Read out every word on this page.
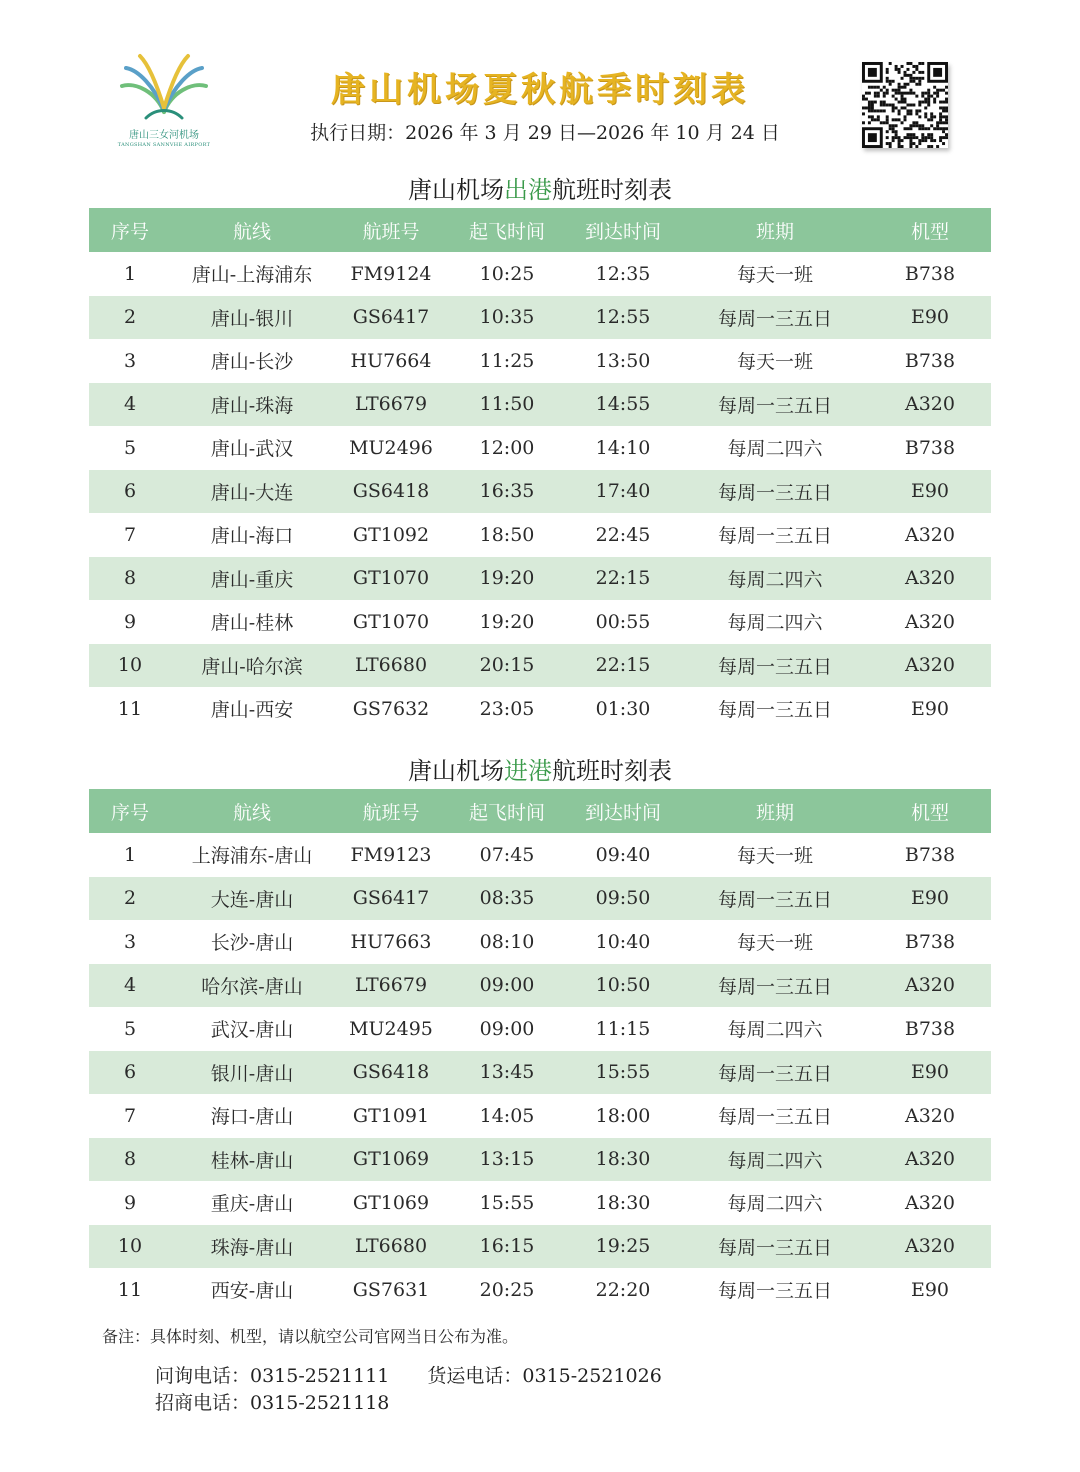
唐山三女河机场
TANGSHAN SANNVHE AIRPORT
唐山机场夏秋航季时刻表
执行日期：2026 年 3 月 29 日—2026 年 10 月 24 日
唐山机场出港航班时刻表
序号	航线	航班号	起飞时间	到达时间	班期	机型
1	唐山-上海浦东	FM9124	10:25	12:35	每天一班	B738
2	唐山-银川	GS6417	10:35	12:55	每周一三五日	E90
3	唐山-长沙	HU7664	11:25	13:50	每天一班	B738
4	唐山-珠海	LT6679	11:50	14:55	每周一三五日	A320
5	唐山-武汉	MU2496	12:00	14:10	每周二四六	B738
6	唐山-大连	GS6418	16:35	17:40	每周一三五日	E90
7	唐山-海口	GT1092	18:50	22:45	每周一三五日	A320
8	唐山-重庆	GT1070	19:20	22:15	每周二四六	A320
9	唐山-桂林	GT1070	19:20	00:55	每周二四六	A320
10	唐山-哈尔滨	LT6680	20:15	22:15	每周一三五日	A320
11	唐山-西安	GS7632	23:05	01:30	每周一三五日	E90
唐山机场进港航班时刻表
序号	航线	航班号	起飞时间	到达时间	班期	机型
1	上海浦东-唐山	FM9123	07:45	09:40	每天一班	B738
2	大连-唐山	GS6417	08:35	09:50	每周一三五日	E90
3	长沙-唐山	HU7663	08:10	10:40	每天一班	B738
4	哈尔滨-唐山	LT6679	09:00	10:50	每周一三五日	A320
5	武汉-唐山	MU2495	09:00	11:15	每周二四六	B738
6	银川-唐山	GS6418	13:45	15:55	每周一三五日	E90
7	海口-唐山	GT1091	14:05	18:00	每周一三五日	A320
8	桂林-唐山	GT1069	13:15	18:30	每周二四六	A320
9	重庆-唐山	GT1069	15:55	18:30	每周二四六	A320
10	珠海-唐山	LT6680	16:15	19:25	每周一三五日	A320
11	西安-唐山	GS7631	20:25	22:20	每周一三五日	E90
备注：具体时刻、机型，请以航空公司官网当日公布为准。
问询电话：0315-2521111 货运电话：0315-2521026招商电话：0315-2521118
